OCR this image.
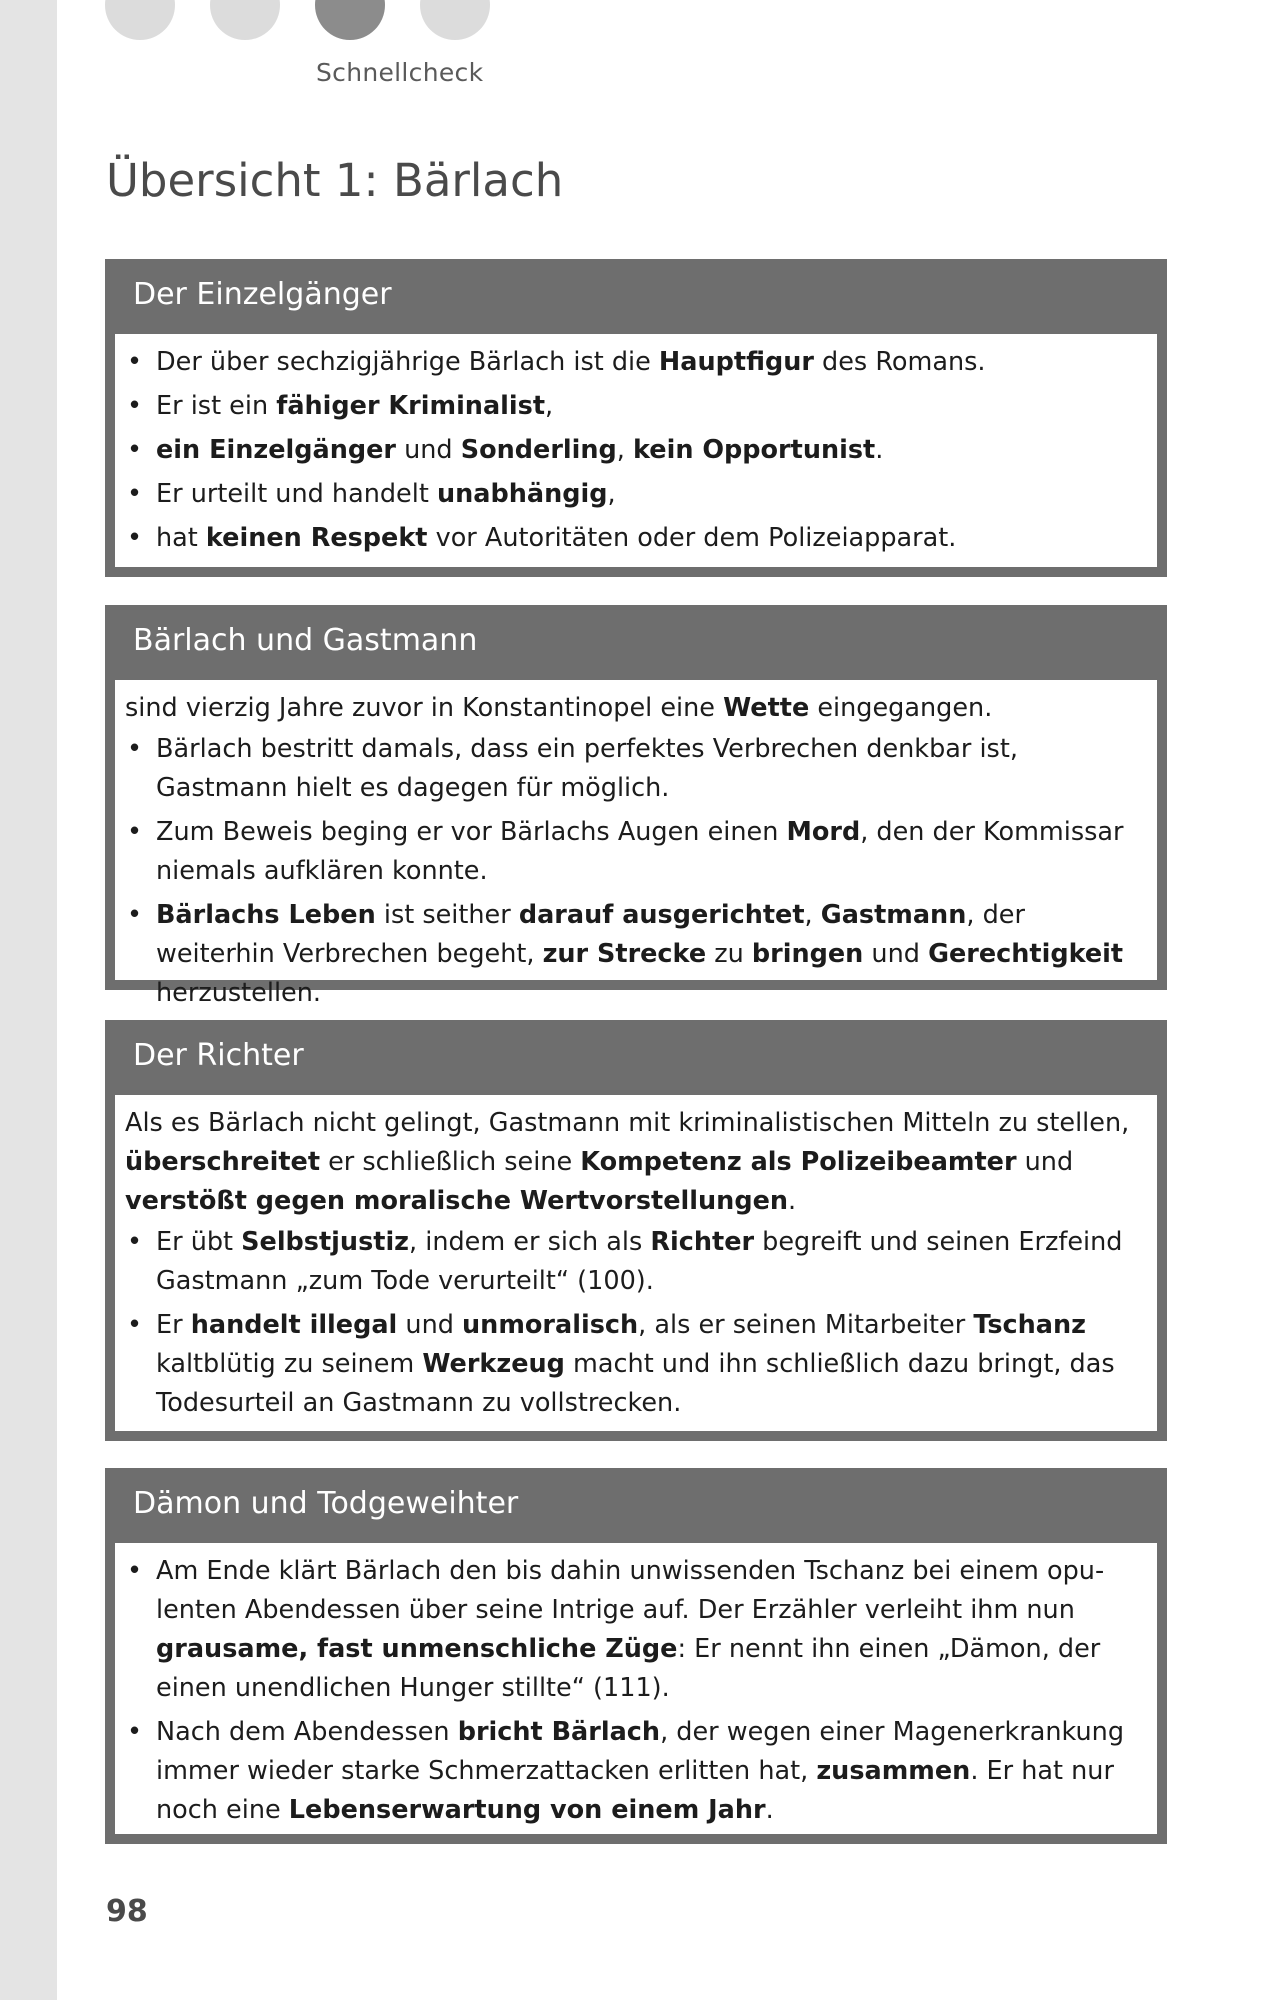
Schnellcheck
Übersicht 1: Bärlach
Der Einzelgänger
• Der über sechzigjährige Bärlach ist die Hauptfigur des Romans.
• Er ist ein fähiger Kriminalist,
• ein Einzelgänger und Sonderling, kein Opportunist.
• Er urteilt und handelt unabhängig,
• hat keinen Respekt vor Autoritäten oder dem Polizeiapparat.
Bärlach und Gastmann

sind vierzig Jahre zuvor in Konstantinopel eine Wette eingegangen.

• Bärlach bestritt damals, dass ein perfektes Verbrechen denkbar ist, Gastmann hielt es dagegen für möglich.
• Zum Beweis beging er vor Bärlachs Augen einen Mord, den der Kommissar niemals aufklären konnte.
• Bärlachs Leben ist seither darauf ausgerichtet, Gastmann, der weiterhin Verbrechen begeht, zur Strecke zu bringen und Gerechtigkeit herzustellen.
Der Richter

Als es Bärlach nicht gelingt, Gastmann mit kriminalistischen Mitteln zu stellen, überschreitet er schließlich seine Kompetenz als Polizeibeamter und verstößt gegen moralische Wertvorstellungen.

• Er übt Selbstjustiz, indem er sich als Richter begreift und seinen Erzfeind Gastmann „zum Tode verurteilt“ (100).
• Er handelt illegal und unmoralisch, als er seinen Mitarbeiter Tschanz kaltblütig zu seinem Werkzeug macht und ihn schließlich dazu bringt, das Todesurteil an Gastmann zu vollstrecken.
Dämon und Todgeweihter
• Am Ende klärt Bärlach den bis dahin unwissenden Tschanz bei einem opulenten Abendessen über seine Intrige auf. Der Erzähler verleiht ihm nun grausame, fast unmenschliche Züge: Er nennt ihn einen „Dämon, der einen unendlichen Hunger stillte“ (111).
• Nach dem Abendessen bricht Bärlach, der wegen einer Magenerkrankung immer wieder starke Schmerzattacken erlitten hat, zusammen. Er hat nur noch eine Lebenserwartung von einem Jahr.
98
